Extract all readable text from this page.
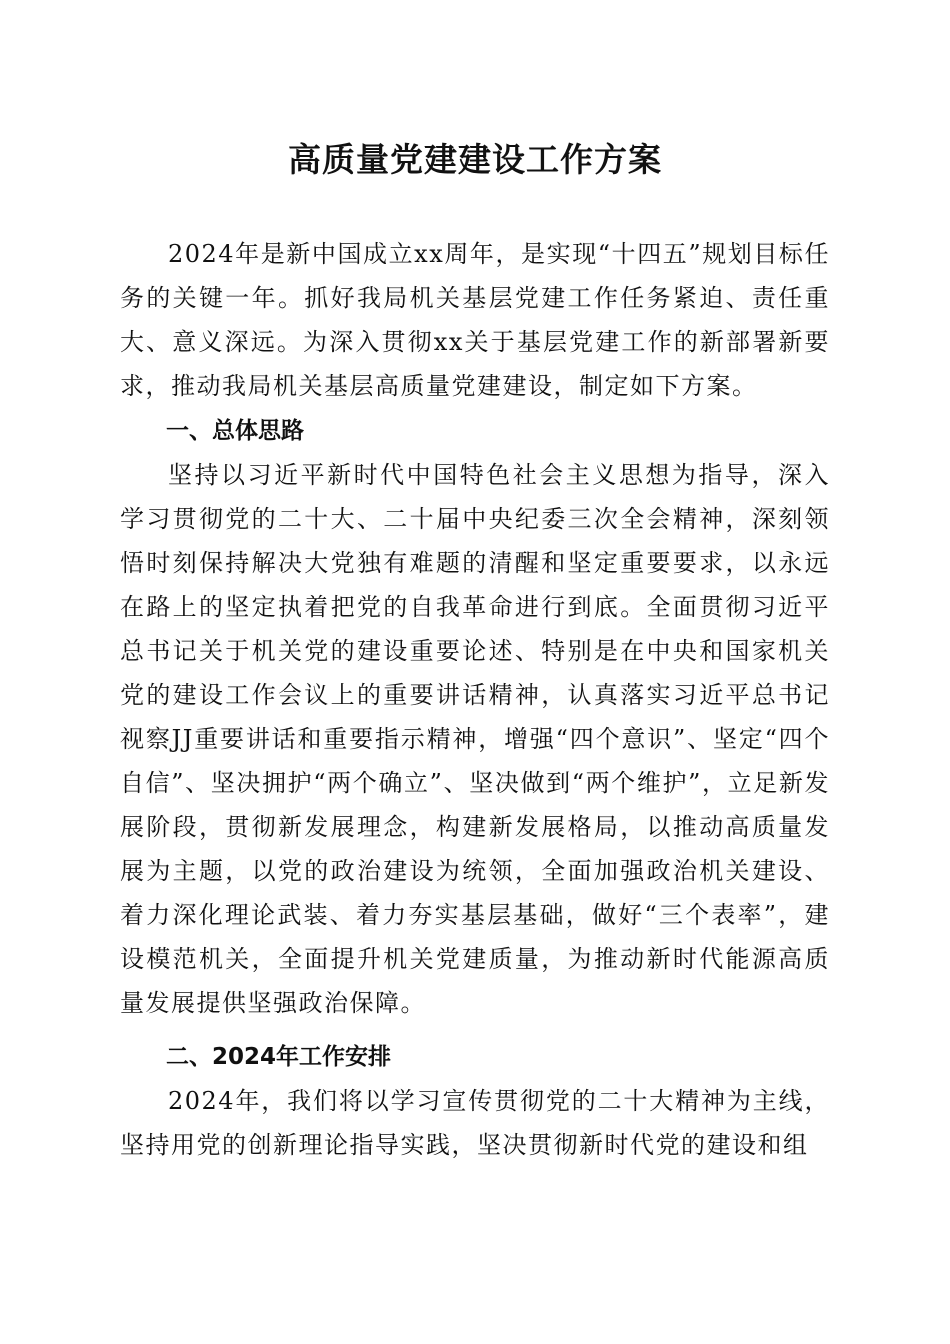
高质量党建建设工作方案

2024年是新中国成立xx周年，是实现“十四五”规划目标任务的关键一年。抓好我局机关基层党建工作任务紧迫、责任重大、意义深远。为深入贯彻xx关于基层党建工作的新部署新要求，推动我局机关基层高质量党建建设，制定如下方案。

一、总体思路

坚持以习近平新时代中国特色社会主义思想为指导，深入学习贯彻党的二十大、二十届中央纪委三次全会精神，深刻领悟时刻保持解决大党独有难题的清醒和坚定重要要求，以永远在路上的坚定执着把党的自我革命进行到底。全面贯彻习近平总书记关于机关党的建设重要论述、特别是在中央和国家机关党的建设工作会议上的重要讲话精神，认真落实习近平总书记视察JJ重要讲话和重要指示精神，增强“四个意识”、坚定“四个自信”、坚决拥护“两个确立”、坚决做到“两个维护”，立足新发展阶段，贯彻新发展理念，构建新发展格局，以推动高质量发展为主题，以党的政治建设为统领，全面加强政治机关建设、着力深化理论武装、着力夯实基层基础，做好“三个表率”，建设模范机关，全面提升机关党建质量，为推动新时代能源高质量发展提供坚强政治保障。

二、2024年工作安排

2024年，我们将以学习宣传贯彻党的二十大精神为主线，坚持用党的创新理论指导实践，坚决贯彻新时代党的建设和组
